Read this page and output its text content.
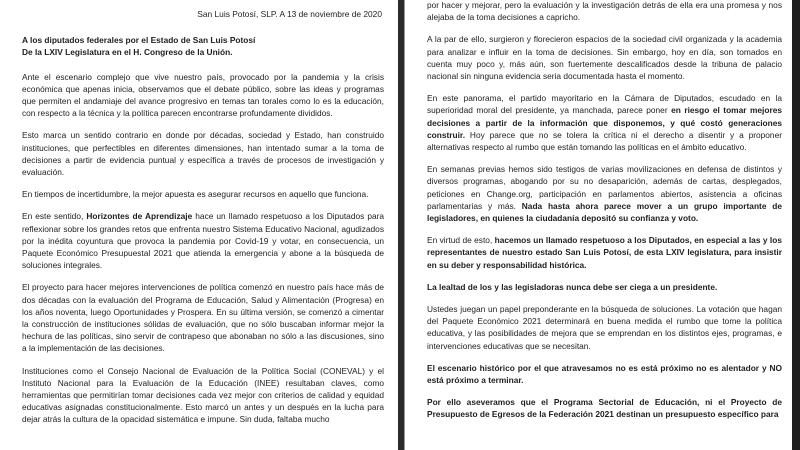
San Luis Potosí, SLP. A 13 de noviembre de 2020

A los diputados federales por el Estado de San Luis Potosí
De la LXIV Legislatura en el H. Congreso de la Unión.

Ante el escenario complejo que vive nuestro país, provocado por la pandemia y la crisis económica que apenas inicia, observamos que el debate público, sobre las ideas y programas que permiten el andamiaje del avance progresivo en temas tan torales como lo es la educación, con respecto a la técnica y la política parecen encontrarse profundamente divididos.

Esto marca un sentido contrario en donde por décadas, sociedad y Estado, han construido instituciones, que perfectibles en diferentes dimensiones, han intentado sumar a la toma de decisiones a partir de evidencia puntual y específica a través de procesos de investigación y evaluación.

En tiempos de incertidumbre, la mejor apuesta es asegurar recursos en aquello que funciona.

En este sentido, Horizontes de Aprendizaje hace un llamado respetuoso a los Diputados para reflexionar sobre los grandes retos que enfrenta nuestro Sistema Educativo Nacional, agudizados por la inédita coyuntura que provoca la pandemia por Covid-19 y votar, en consecuencia, un Paquete Económico Presupuestal 2021 que atienda la emergencia y abone a la búsqueda de soluciones integrales.

El proyecto para hacer mejores intervenciones de política comenzó en nuestro país hace más de dos décadas con la evaluación del Programa de Educación, Salud y Alimentación (Progresa) en los años noventa, luego Oportunidades y Prospera. En su última versión, se comenzó a cimentar la construcción de instituciones sólidas de evaluación, que no sólo buscaban informar mejor la hechura de las políticas, sino servir de contrapeso que abonaban no sólo a las discusiones, sino a la implementación de las decisiones.

Instituciones como el Consejo Nacional de Evaluación de la Política Social (CONEVAL) y el Instituto Nacional para la Evaluación de la Educación (INEE) resultaban claves, como herramientas que permitirían tomar decisiones cada vez mejor con criterios de calidad y equidad educativas asignadas constitucionalmente. Esto marcó un antes y un después en la lucha para dejar atrás la cultura de la opacidad sistemática e impune. Sin duda, faltaba mucho

por hacer y mejorar, pero la evaluación y la investigación detrás de ella era una promesa y nos alejaba de la toma decisiones a capricho.

A la par de ello, surgieron y florecieron espacios de la sociedad civil organizada y la academia para analizar e influir en la toma de decisiones. Sin embargo, hoy en día, son tomados en cuenta muy poco y, más aún, son fuertemente descalificados desde la tribuna de palacio nacional sin ninguna evidencia seria documentada hasta el momento.

En este panorama, el partido mayoritario en la Cámara de Diputados, escudado en la superioridad moral del presidente, ya manchada, parece poner en riesgo el tomar mejores decisiones a partir de la información que disponemos, y qué costó generaciones construir. Hoy parece que no se tolera la crítica ni el derecho a disentir y a proponer alternativas respecto al rumbo que están tomando las políticas en el ámbito educativo.

En semanas previas hemos sido testigos de varias movilizaciones en defensa de distintos y diversos programas, abogando por su no desaparición, además de cartas, desplegados, peticiones en Change.org, participación en parlamentos abiertos, asistencia a oficinas parlamentarias y más. Nada hasta ahora parece mover a un grupo importante de legisladores, en quienes la ciudadanía depositó su confianza y voto.

En virtud de esto, hacemos un llamado respetuoso a los Diputados, en especial a las y los representantes de nuestro estado San Luis Potosí, de esta LXIV legislatura, para insistir en su deber y responsabilidad histórica.

La lealtad de los y las legisladoras nunca debe ser ciega a un presidente.

Ustedes juegan un papel preponderante en la búsqueda de soluciones. La votación que hagan del Paquete Económico 2021 determinará en buena medida el rumbo que tome la política educativa, y las posibilidades de mejora que se emprendan en los distintos ejes, programas, e intervenciones educativas que se necesitan.

El escenario histórico por el que atravesamos no es está próximo no es alentador y NO está próximo a terminar.

Por ello aseveramos que el Programa Sectorial de Educación, ni el Proyecto de Presupuesto de Egresos de la Federación 2021 destinan un presupuesto específico para
